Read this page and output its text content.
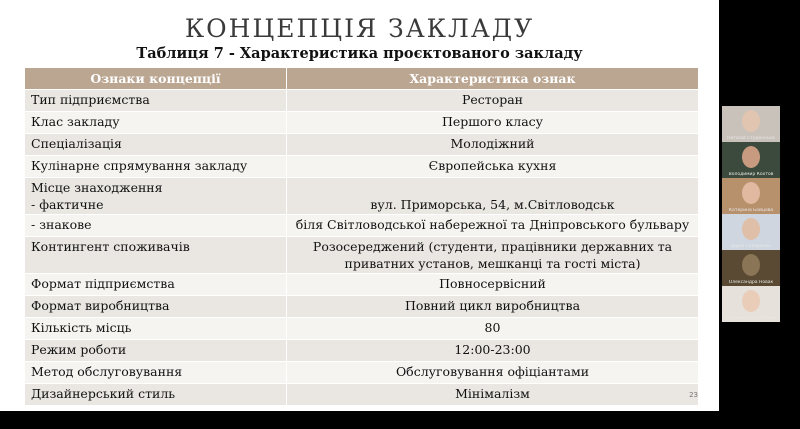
КОНЦЕПЦІЯ ЗАКЛАДУ
Таблиця 7 - Характеристика проєктованого закладу
Ознаки концепції	Характеристика ознак
Тип підприємства	Ресторан
Клас закладу	Першого класу
Спеціалізація	Молодіжний
Кулінарне спрямування закладу	Європейська кухня

Місце знаходження
- фактичне	вул. Приморська, 54, м.Світловодськ
- знакове	біля Світловодської набережної та Дніпровського бульвару
Контингент споживачів	Розосереджений (студенти, працівники державних та
приватних установ, мешканці та гості міста)

Формат підприємства	Повносервісний
Формат виробництва	Повний цикл виробництва
Кількість місць	80
Режим роботи	12:00-23:00
Метод обслуговування	Обслуговування офіціантами
Дизайнерський стиль	Мінімалізм	23
Наталія Студенська
Володимир Кохтов
Катерина Бойцова
Дарія Скляренко
Олександра Новак
Владислав Дзюбенко
